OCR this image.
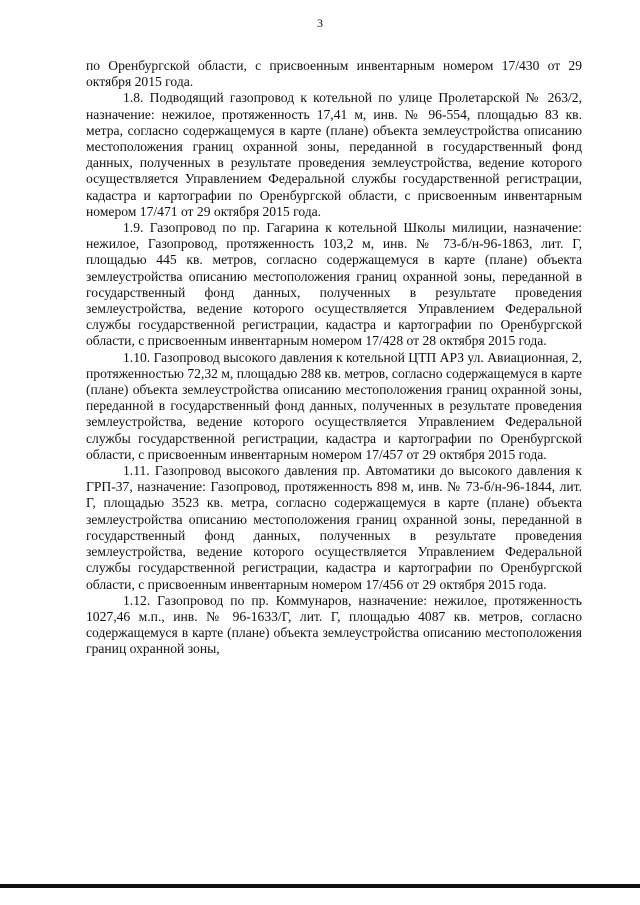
3

по Оренбургской области, с присвоенным инвентарным номером 17/430 от 29 октября 2015 года.

1.8. Подводящий газопровод к котельной по улице Пролетарской № 263/2, назначение: нежилое, протяженность 17,41 м, инв. № 96-554, площадью 83 кв. метра, согласно содержащемуся в карте (плане) объекта землеустройства описанию местоположения границ охранной зоны, переданной в государственный фонд данных, полученных в результате проведения землеустройства, ведение которого осуществляется Управлением Федеральной службы государственной регистрации, кадастра и картографии по Оренбургской области, с присвоенным инвентарным номером 17/471 от 29 октября 2015 года.

1.9. Газопровод по пр. Гагарина к котельной Школы милиции, назначение: нежилое, Газопровод, протяженность 103,2 м, инв. № 73-б/н-96-1863, лит. Г, площадью 445 кв. метров, согласно содержащемуся в карте (плане) объекта землеустройства описанию местоположения границ охранной зоны, переданной в государственный фонд данных, полученных в результате проведения землеустройства, ведение которого осуществляется Управлением Федеральной службы государственной регистрации, кадастра и картографии по Оренбургской области, с присвоенным инвентарным номером 17/428 от 28 октября 2015 года.

1.10. Газопровод высокого давления к котельной ЦТП АРЗ ул. Авиационная, 2, протяженностью 72,32 м, площадью 288 кв. метров, согласно содержащемуся в карте (плане) объекта землеустройства описанию местоположения границ охранной зоны, переданной в государственный фонд данных, полученных в результате проведения землеустройства, ведение которого осуществляется Управлением Федеральной службы государственной регистрации, кадастра и картографии по Оренбургской области, с присвоенным инвентарным номером 17/457 от 29 октября 2015 года.

1.11. Газопровод высокого давления пр. Автоматики до высокого давления к ГРП-37, назначение: Газопровод, протяженность 898 м, инв. № 73-б/н-96-1844, лит. Г, площадью 3523 кв. метра, согласно содержащемуся в карте (плане) объекта землеустройства описанию местоположения границ охранной зоны, переданной в государственный фонд данных, полученных в результате проведения землеустройства, ведение которого осуществляется Управлением Федеральной службы государственной регистрации, кадастра и картографии по Оренбургской области, с присвоенным инвентарным номером 17/456 от 29 октября 2015 года.

1.12. Газопровод по пр. Коммунаров, назначение: нежилое, протяженность 1027,46 м.п., инв. № 96-1633/Г, лит. Г, площадью 4087 кв. метров, согласно содержащемуся в карте (плане) объекта землеустройства описанию местоположения границ охранной зоны,
